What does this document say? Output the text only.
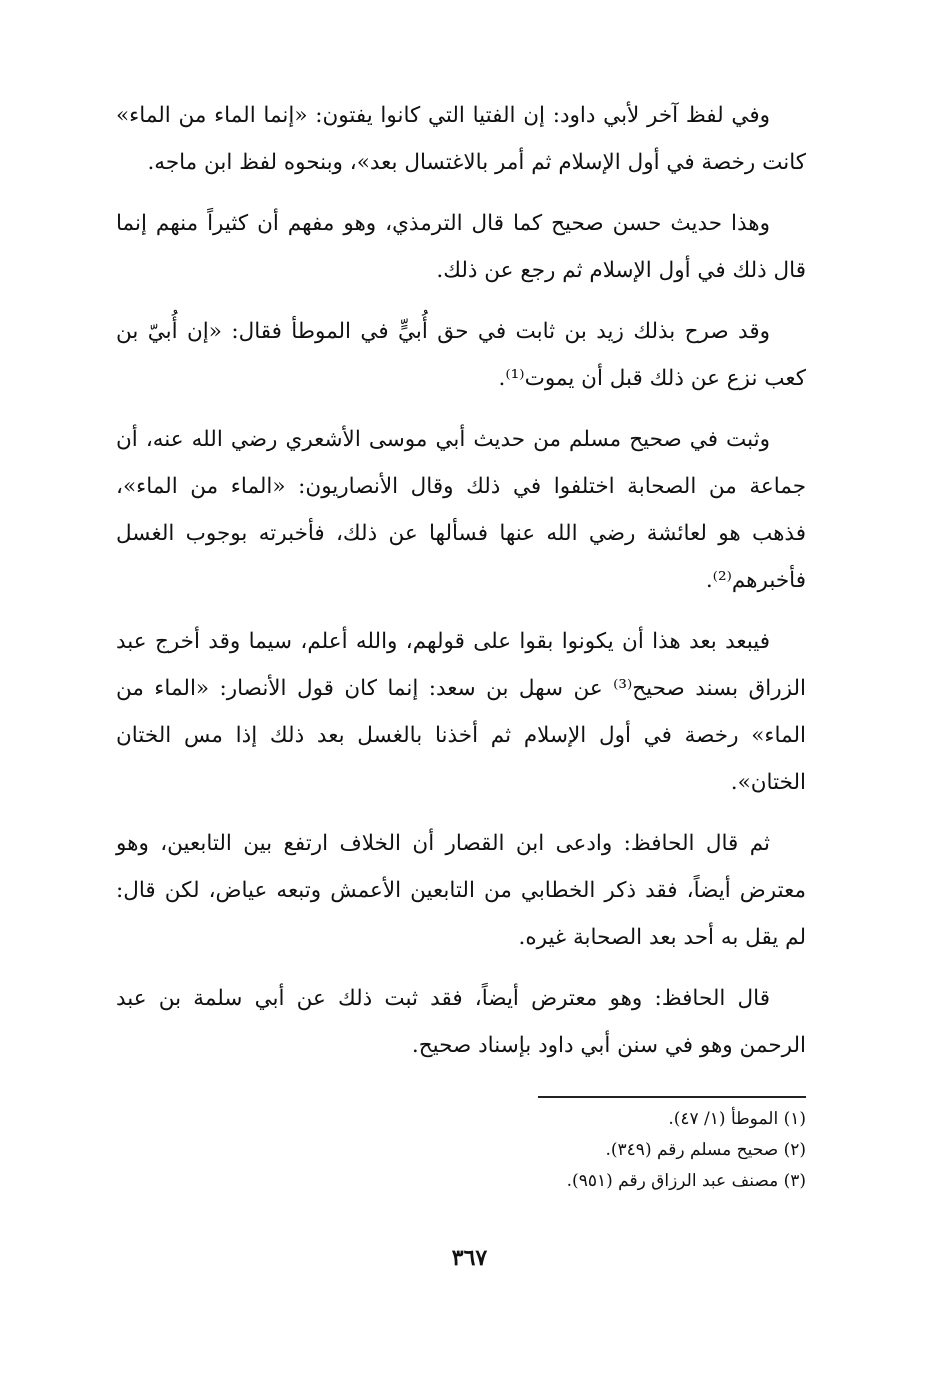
وفي لفظ آخر لأبي داود: إن الفتيا التي كانوا يفتون: «إنما الماء من الماء» كانت رخصة في أول الإسلام ثم أمر بالاغتسال بعد»، وبنحوه لفظ ابن ماجه.

وهذا حديث حسن صحيح كما قال الترمذي، وهو مفهم أن كثيراً منهم إنما قال ذلك في أول الإسلام ثم رجع عن ذلك.

وقد صرح بذلك زيد بن ثابت في حق أُبيٍّ في الموطأ فقال: «إن أُبيّ بن كعب نزع عن ذلك قبل أن يموت⁽¹⁾.

وثبت في صحيح مسلم من حديث أبي موسى الأشعري رضي الله عنه، أن جماعة من الصحابة اختلفوا في ذلك وقال الأنصاريون: «الماء من الماء»، فذهب هو لعائشة رضي الله عنها فسألها عن ذلك، فأخبرته بوجوب الغسل فأخبرهم⁽²⁾.

فيبعد بعد هذا أن يكونوا بقوا على قولهم، والله أعلم، سيما وقد أخرج عبد الزراق بسند صحيح⁽³⁾ عن سهل بن سعد: إنما كان قول الأنصار: «الماء من الماء» رخصة في أول الإسلام ثم أخذنا بالغسل بعد ذلك إذا مس الختان الختان».

ثم قال الحافظ: وادعى ابن القصار أن الخلاف ارتفع بين التابعين، وهو معترض أيضاً، فقد ذكر الخطابي من التابعين الأعمش وتبعه عياض، لكن قال: لم يقل به أحد بعد الصحابة غيره.

قال الحافظ: وهو معترض أيضاً، فقد ثبت ذلك عن أبي سلمة بن عبد الرحمن وهو في سنن أبي داود بإسناد صحيح.

(١) الموطأ (١/ ٤٧).
(٢) صحيح مسلم رقم (٣٤٩).
(٣) مصنف عبد الرزاق رقم (٩٥١).
٣٦٧
